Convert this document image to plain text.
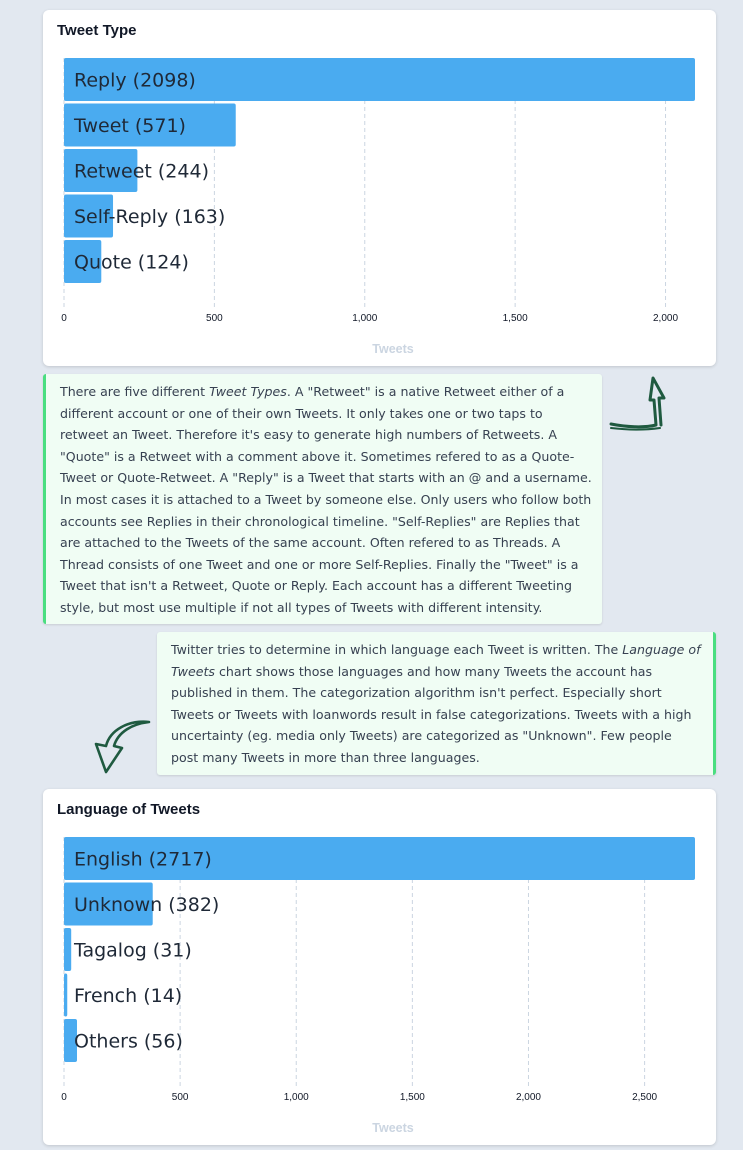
Tweet Type
Reply (2098)
Tweet (571)
Retweet (244)
Self-Reply (163)
Quote (124)
0	500	1,000	1,500	2,000
Tweets

There are five different Tweet Types. A "Retweet" is a native Retweet either of a different account or one of their own Tweets. It only takes one or two taps to retweet an Tweet. Therefore it's easy to generate high numbers of Retweets. A "Quote" is a Retweet with a comment above it. Sometimes refered to as a Quote-Tweet or Quote-Retweet. A "Reply" is a Tweet that starts with an @ and a username. In most cases it is attached to a Tweet by someone else. Only users who follow both accounts see Replies in their chronological timeline. "Self-Replies" are Replies that are attached to the Tweets of the same account. Often refered to as Threads. A Thread consists of one Tweet and one or more Self-Replies. Finally the "Tweet" is a Tweet that isn't a Retweet, Quote or Reply. Each account has a different Tweeting style, but most use multiple if not all types of Tweets with different intensity.

Twitter tries to determine in which language each Tweet is written. The Language of Tweets chart shows those languages and how many Tweets the account has published in them. The categorization algorithm isn't perfect. Especially short Tweets or Tweets with loanwords result in false categorizations. Tweets with a high uncertainty (eg. media only Tweets) are categorized as "Unknown". Few people post many Tweets in more than three languages.

Language of Tweets
English (2717)
Unknown (382)
Tagalog (31)
French (14)
Others (56)
0	500	1,000	1,500	2,000	2,500
Tweets
